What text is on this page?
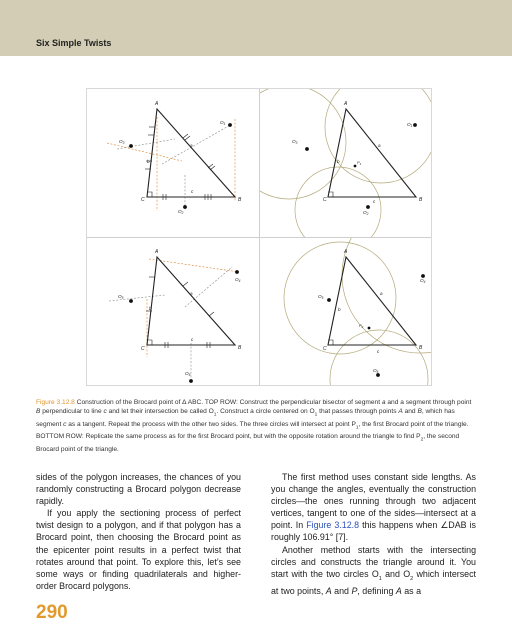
Six Simple Twists
A
B
C
a
b
c
$O_3$
$O_1$
$O_2$
A
B
C
a
b
c
$O_1$
$O_3$
$O_2$
$P_1$
A
B
C
a
b
c
$O_4$
$O_5$
$O_6$
A
B
C
a
b
c
$O_4$
$O_5$
$O_6$
$P_2$
Figure 3.12.8 Construction of the Brocard point of ∆ ABC. TOP ROW: Construct the perpendicular bisector of segment a and a segment through point B perpendicular to line c and let their intersection be called $O_1$. Construct a circle centered on $O_1$ that passes through points A and B, which has segment c as a tangent. Repeat the process with the other two sides. The three circles will intersect at point $P_1$, the first Brocard point of the triangle. BOTTOM ROW: Replicate the same process as for the first Brocard point, but with the opposite rotation around the triangle to find $P_2$, the second Brocard point of the triangle.

sides of the polygon increases, the chances of you randomly constructing a Brocard polygon decrease rapidly.

If you apply the sectioning process of perfect twist design to a polygon, and if that polygon has a Brocard point, then choosing the Brocard point as the epicenter point results in a perfect twist that rotates around that point. To explore this, let’s see some ways or finding quadrilaterals and higher-order Brocard polygons.

The first method uses constant side lengths. As you change the angles, eventually the construction circles—the ones running through two adjacent vertices, tangent to one of the sides—intersect at a point. In Figure 3.12.8 this happens when ∠DAB is roughly 106.91° [7].

Another method starts with the intersecting circles and constructs the triangle around it. You start with the two circles $O_1$ and $O_2$ which intersect at two points, A and P, defining A as a

290
